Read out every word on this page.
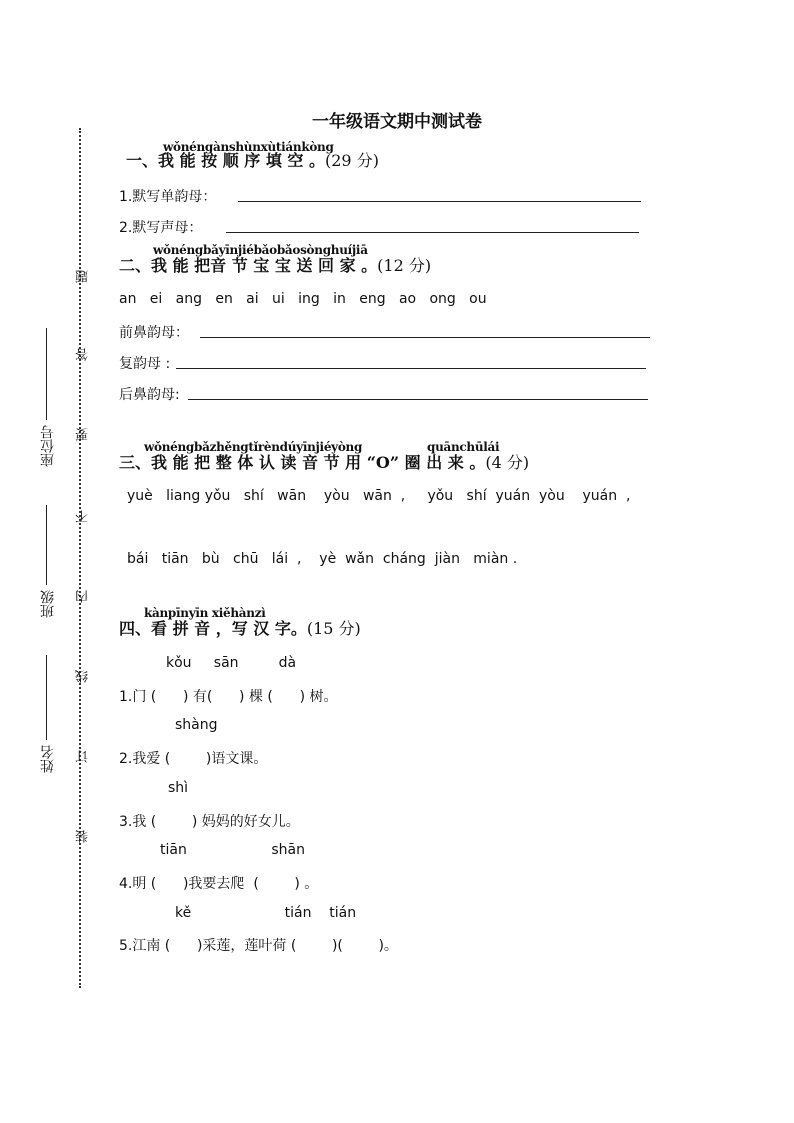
一年级语文期中测试卷
题
答
要
不
内
线
订
装
座位号
班级
姓名
wǒnéngànshùnxùtiánkòng
一、我 能 按 顺 序 填 空 。(29 分)
1.默写单韵母：
2.默写声母：
wǒnéngbǎyīnjiébǎobǎosònghuíjiā
二、我 能 把音 节 宝 宝 送 回 家 。(12 分)
an   ei   ang   en   ai   ui   ing   in   eng   ao   ong   ou
前鼻韵母：
复韵母 :
后鼻韵母:
wǒnéngbǎzhěngtǐrèndúyīnjiéyòng	quānchūlái
三、我 能 把 整 体 认 读 音 节 用 “O” 圈 出 来 。(4 分)
yuè   liang yǒu   shí   wān    yòu   wān  ,     yǒu   shí  yuán  yòu    yuán  ,
bái   tiān   bù   chū   lái  ,    yè  wǎn  cháng  jiàn   miàn .
kànpīnyīn xiěhànzì
四、看 拼 音 ，写 汉 字。(15 分)
kǒu     sān         dà
1.门 (      ) 有(      ) 棵 (      ) 树。
shàng
2.我爱 (        )语文课。
shì
3.我 (        ) 妈妈的好女儿。
tiān                   shān
4.明 (      )我要去爬  (        ) 。
kě                     tián    tián
5.江南 (      )采莲，莲叶荷 (        )(        )。
